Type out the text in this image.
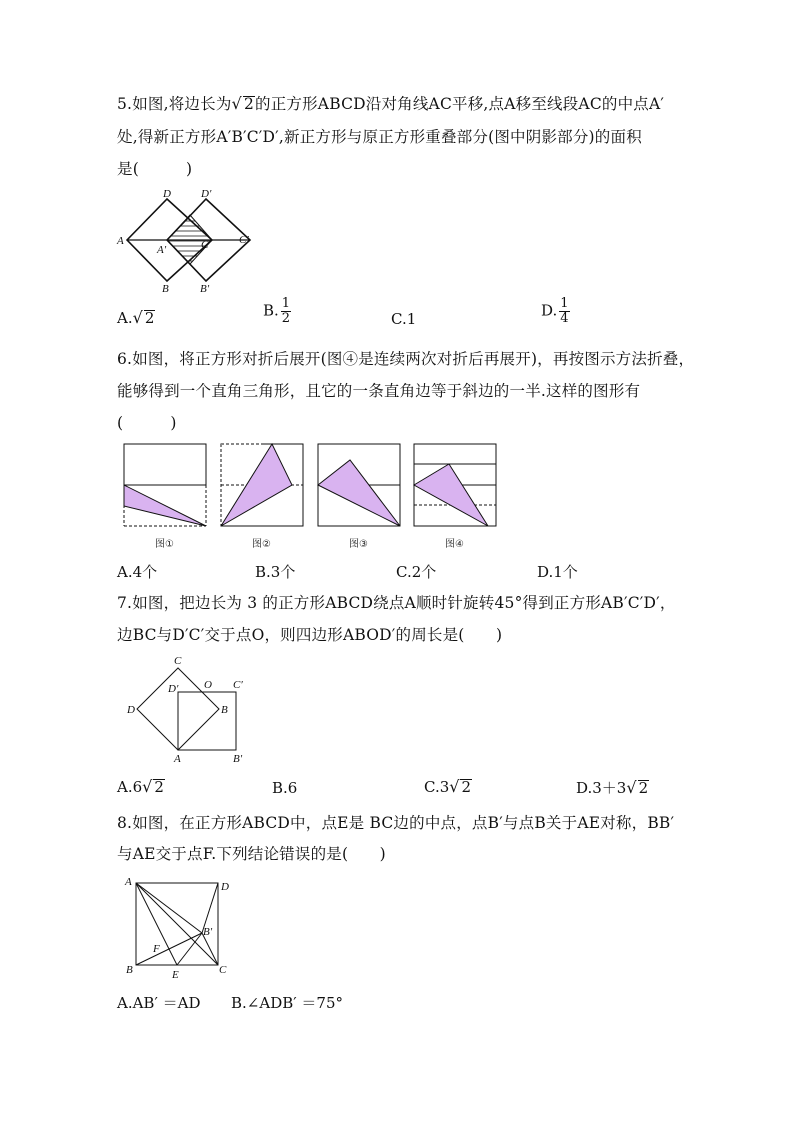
5.如图,将边长为√ 2的正方形ABCD沿对角线AC平移,点A移至线段AC的中点A′
处,得新正方形A′B′C′D′,新正方形与原正方形重叠部分(图中阴影部分)的面积
是(　　　)
D	D′
A
A′	C	C′
B	B′
A.√ 2	B. $\frac{1}{2}$	C.1	D. $\frac{1}{4}$
6.如图，将正方形对折后展开(图④是连续两次对折后再展开)，再按图示方法折叠，
能够得到一个直角三角形，且它的一条直角边等于斜边的一半.这样的图形有
(　　　)
图①	图②	图③	图④
A.4个	B.3个	C.2个	D.1个
7.如图，把边长为 3 的正方形ABCD绕点A顺时针旋转45°得到正方形AB′C′D′，
边BC与D′C′交于点O，则四边形ABOD′的周长是(　　)
C
D′ O C′
D	B
A	B′
A.6√ 2	B.6	C.3√ 2	D.3＋3√ 2
8.如图，在正方形ABCD中，点E是 BC边的中点，点B′与点B关于AE对称，BB′
与AE交于点F.下列结论错误的是(　　)
A	D
B′
F
B	E	C
A.AB′ ＝AD B.∠ADB′ ＝75°
